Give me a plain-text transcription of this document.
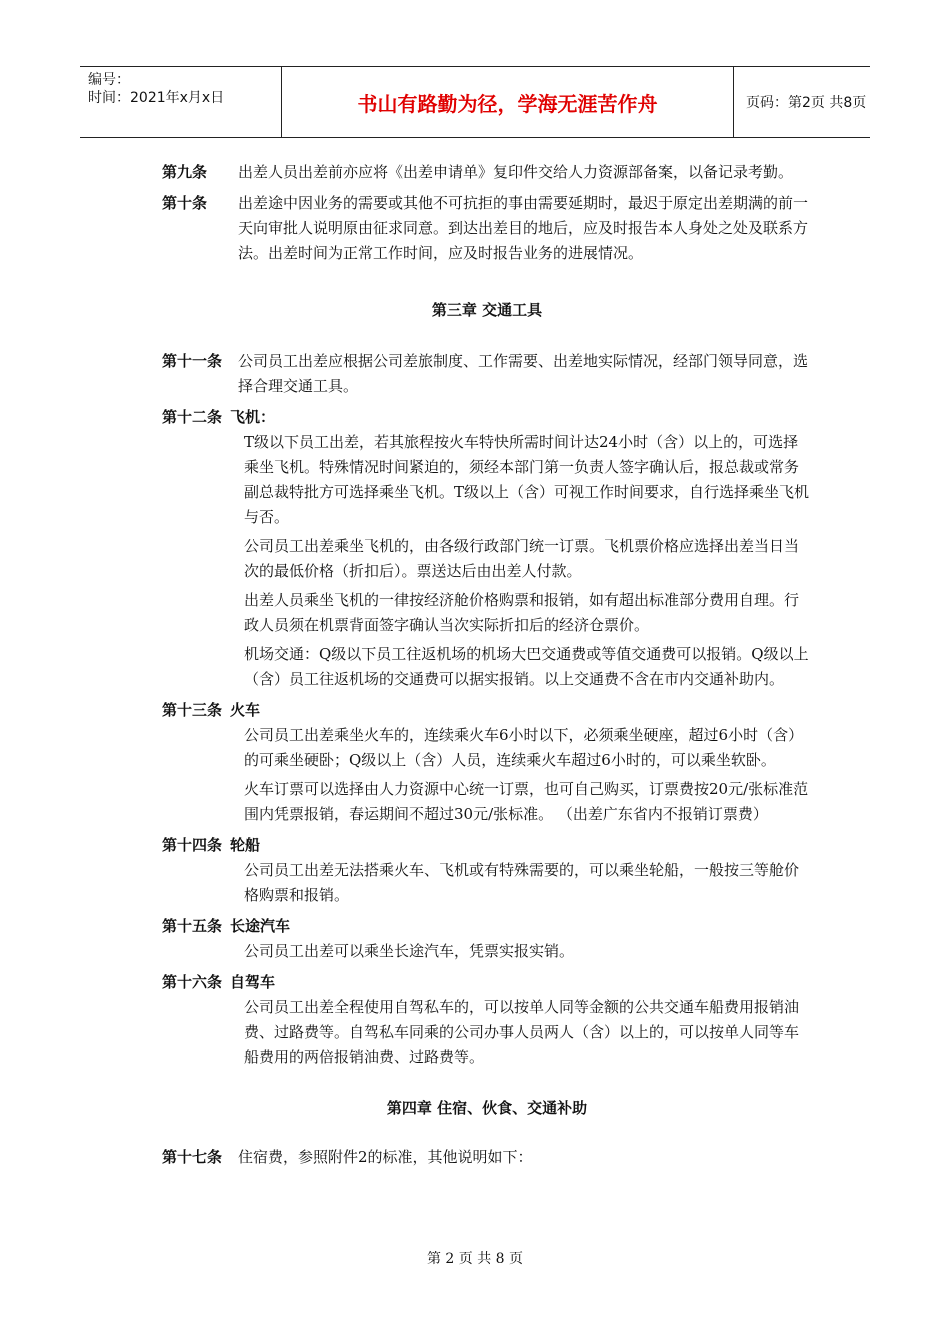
编号：
时间：2021年x月x日	书山有路勤为径，学海无涯苦作舟	页码：第2页 共8页
第九条	出差人员出差前亦应将《出差申请单》复印件交给人力资源部备案，以备记录考勤。
第十条	出差途中因业务的需要或其他不可抗拒的事由需要延期时，最迟于原定出差期满的前一天向审批人说明原由征求同意。到达出差目的地后，应及时报告本人身处之处及联系方法。出差时间为正常工作时间，应及时报告业务的进展情况。
第三章 交通工具
第十一条	公司员工出差应根据公司差旅制度、工作需要、出差地实际情况，经部门领导同意，选择合理交通工具。
第十二条 飞机：
T级以下员工出差，若其旅程按火车特快所需时间计达24小时（含）以上的，可选择乘坐飞机。特殊情况时间紧迫的，须经本部门第一负责人签字确认后，报总裁或常务副总裁特批方可选择乘坐飞机。T级以上（含）可视工作时间要求，自行选择乘坐飞机与否。
公司员工出差乘坐飞机的，由各级行政部门统一订票。飞机票价格应选择出差当日当次的最低价格（折扣后）。票送达后由出差人付款。
出差人员乘坐飞机的一律按经济舱价格购票和报销，如有超出标准部分费用自理。行政人员须在机票背面签字确认当次实际折扣后的经济仓票价。
机场交通：Q级以下员工往返机场的机场大巴交通费或等值交通费可以报销。Q级以上（含）员工往返机场的交通费可以据实报销。以上交通费不含在市内交通补助内。
第十三条 火车
公司员工出差乘坐火车的，连续乘火车6小时以下，必须乘坐硬座，超过6小时（含）的可乘坐硬卧；Q级以上（含）人员，连续乘火车超过6小时的，可以乘坐软卧。
火车订票可以选择由人力资源中心统一订票，也可自己购买，订票费按20元/张标准范围内凭票报销，春运期间不超过30元/张标准。 （出差广东省内不报销订票费）
第十四条 轮船
公司员工出差无法搭乘火车、飞机或有特殊需要的，可以乘坐轮船，一般按三等舱价格购票和报销。
第十五条 长途汽车
公司员工出差可以乘坐长途汽车，凭票实报实销。
第十六条 自驾车
公司员工出差全程使用自驾私车的，可以按单人同等金额的公共交通车船费用报销油费、过路费等。自驾私车同乘的公司办事人员两人（含）以上的，可以按单人同等车船费用的两倍报销油费、过路费等。
第四章 住宿、伙食、交通补助
第十七条	住宿费，参照附件2的标准，其他说明如下：
第 2 页 共 8 页
